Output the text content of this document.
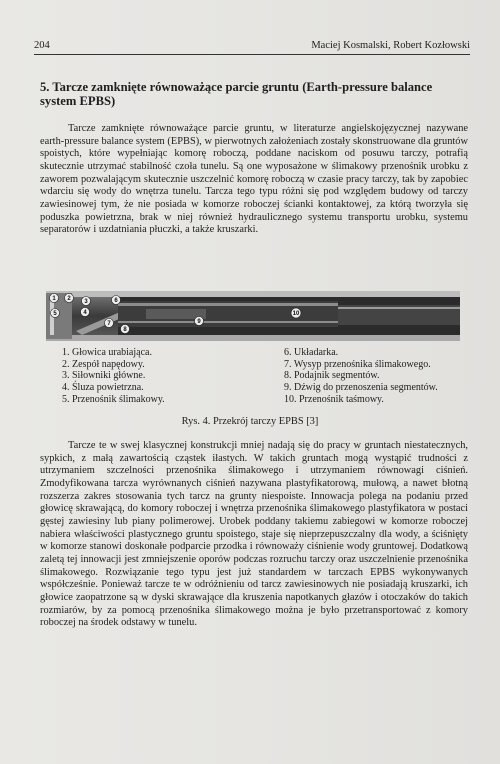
204	Maciej Kosmalski, Robert Kozłowski
5. Tarcze zamknięte równoważące parcie gruntu (Earth-pressure balance system EPBS)
Tarcze zamknięte równoważące parcie gruntu, w literaturze angielskojęzycznej nazywane earth-pressure balance system (EPBS), w pierwotnych założeniach zostały skonstruowane dla gruntów spoistych, które wypełniając komorę roboczą, poddane naciskom od posuwu tarczy, potrafią skutecznie utrzymać stabilność czoła tunelu. Są one wyposażone w ślimakowy przenośnik urobku z zaworem pozwalającym skutecznie uszczelnić komorę roboczą w czasie pracy tarczy, tak by zapobiec wdarciu się wody do wnętrza tunelu. Tarcza tego typu różni się pod względem budowy od tarczy zawiesinowej tym, że nie posiada w komorze roboczej ścianki kontaktowej, za którą tworzyła się poduszka powietrzna, brak w niej również hydraulicznego systemu transportu urobku, systemu separatorów i uzdatniania płuczki, a także kruszarki.
1 2 3
4
5
6
7
8
9
10
1. Głowica urabiająca.
2. Zespół napędowy.
3. Siłowniki główne.
4. Śluza powietrzna.
5. Przenośnik ślimakowy.
6. Układarka.
7. Wysyp przenośnika ślimakowego.
8. Podajnik segmentów.
9. Dźwig do przenoszenia segmentów.
10. Przenośnik taśmowy.
Rys. 4. Przekrój tarczy EPBS [3]
Tarcze te w swej klasycznej konstrukcji mniej nadają się do pracy w gruntach niestatecznych, sypkich, z małą zawartością cząstek iłastych. W takich gruntach mogą wystąpić trudności z utrzymaniem szczelności przenośnika ślimakowego i utrzymaniem równowagi ciśnień. Zmodyfikowana tarcza wyrównanych ciśnień nazywana plastyfikatorową, mułową, a nawet błotną rozszerza zakres stosowania tych tarcz na grunty niespoiste. Innowacja polega na podaniu przed głowicę skrawającą, do komory roboczej i wnętrza przenośnika ślimakowego plastyfikatora w postaci gęstej zawiesiny lub piany polimerowej. Urobek poddany takiemu zabiegowi w komorze roboczej nabiera właściwości plastycznego gruntu spoistego, staje się nieprzepuszczalny dla wody, a ściśnięty w komorze stanowi doskonałe podparcie przodka i równoważy ciśnienie wody gruntowej. Dodatkową zaletą tej innowacji jest zmniejszenie oporów podczas rozruchu tarczy oraz uszczelnienie przenośnika ślimakowego. Rozwiązanie tego typu jest już standardem w tarczach EPBS wykonywanych współcześnie. Ponieważ tarcze te w odróżnieniu od tarcz zawiesinowych nie posiadają kruszarki, ich głowice zaopatrzone są w dyski skrawające dla kruszenia napotkanych głazów i otoczaków do takich rozmiarów, by za pomocą przenośnika ślimakowego można je było przetransportować z komory roboczej na środek odstawy w tunelu.
